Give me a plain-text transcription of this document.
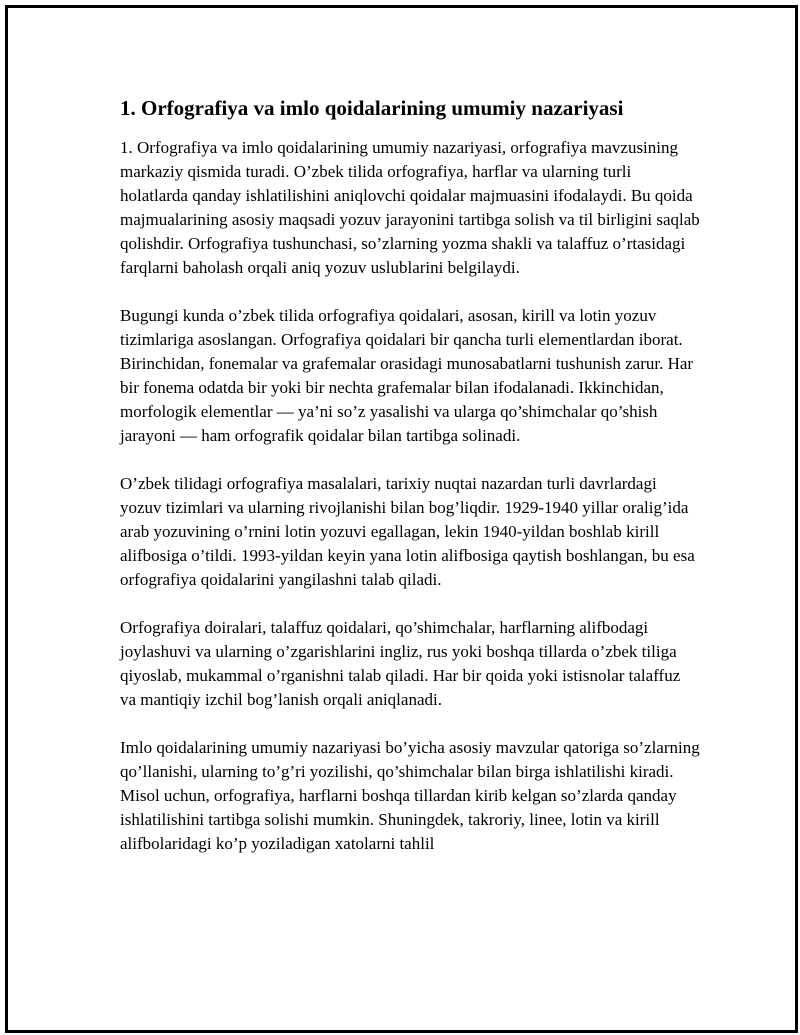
1. Orfografiya va imlo qoidalarining umumiy nazariyasi

1. Orfografiya va imlo qoidalarining umumiy nazariyasi, orfografiya mavzusining markaziy qismida turadi. O’zbek tilida orfografiya, harflar va ularning turli holatlarda qanday ishlatilishini aniqlovchi qoidalar majmuasini ifodalaydi. Bu qoida majmualarining asosiy maqsadi yozuv jarayonini tartibga solish va til birligini saqlab qolishdir. Orfografiya tushunchasi, so’zlarning yozma shakli va talaffuz o’rtasidagi farqlarni baholash orqali aniq yozuv uslublarini belgilaydi.

Bugungi kunda o’zbek tilida orfografiya qoidalari, asosan, kirill va lotin yozuv tizimlariga asoslangan. Orfografiya qoidalari bir qancha turli elementlardan iborat. Birinchidan, fonemalar va grafemalar orasidagi munosabatlarni tushunish zarur. Har bir fonema odatda bir yoki bir nechta grafemalar bilan ifodalanadi. Ikkinchidan, morfologik elementlar — ya’ni so’z yasalishi va ularga qo’shimchalar qo’shish jarayoni — ham orfografik qoidalar bilan tartibga solinadi.

O’zbek tilidagi orfografiya masalalari, tarixiy nuqtai nazardan turli davrlardagi yozuv tizimlari va ularning rivojlanishi bilan bog’liqdir. 1929-1940 yillar oralig’ida arab yozuvining o’rnini lotin yozuvi egallagan, lekin 1940-yildan boshlab kirill alifbosiga o’tildi. 1993-yildan keyin yana lotin alifbosiga qaytish boshlangan, bu esa orfografiya qoidalarini yangilashni talab qiladi.

Orfografiya doiralari, talaffuz qoidalari, qo’shimchalar, harflarning alifbodagi joylashuvi va ularning o’zgarishlarini ingliz, rus yoki boshqa tillarda o’zbek tiliga qiyoslab, mukammal o’rganishni talab qiladi. Har bir qoida yoki istisnolar talaffuz va mantiqiy izchil bog’lanish orqali aniqlanadi.

Imlo qoidalarining umumiy nazariyasi bo’yicha asosiy mavzular qatoriga so’zlarning qo’llanishi, ularning to’g’ri yozilishi, qo’shimchalar bilan birga ishlatilishi kiradi. Misol uchun, orfografiya, harflarni boshqa tillardan kirib kelgan so’zlarda qanday ishlatilishini tartibga solishi mumkin. Shuningdek, takroriy, linee, lotin va kirill alifbolaridagi ko’p yoziladigan xatolarni tahlil
